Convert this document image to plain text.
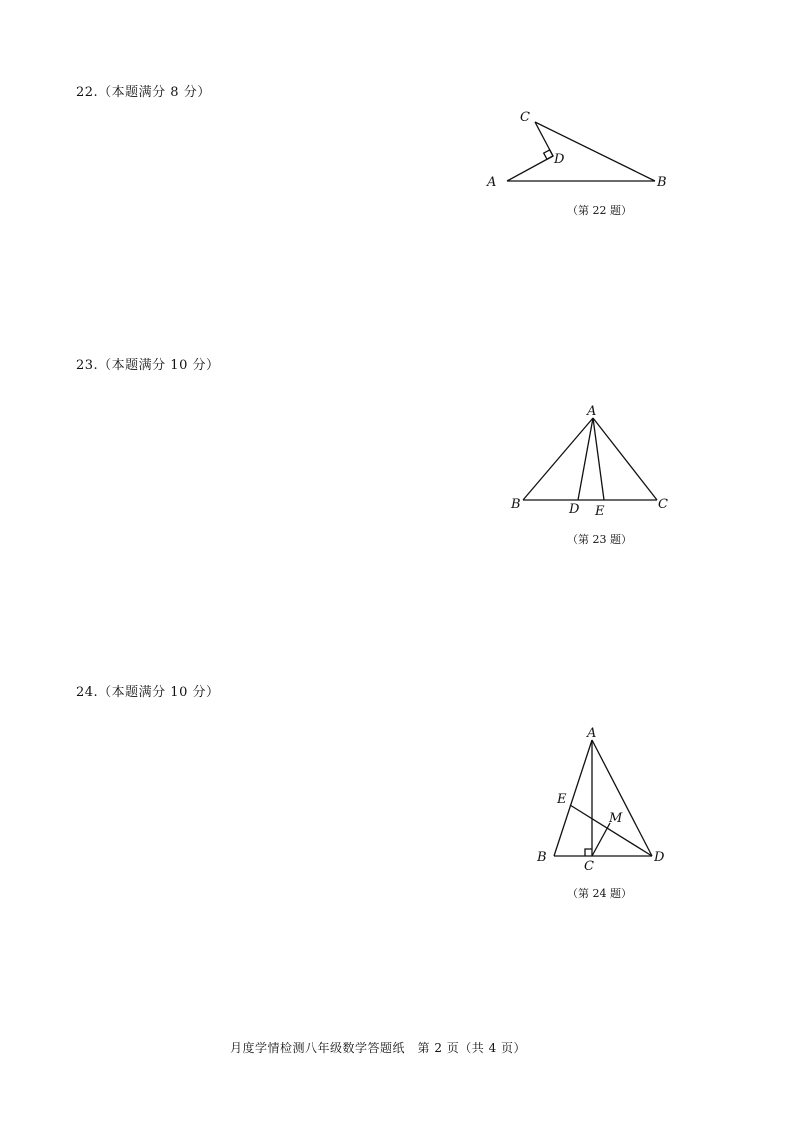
22.（本题满分 8 分）
C
D
A	B
（第 22 题）
23.（本题满分 10 分）
A
B	D E	C
（第 23 题）
24.（本题满分 10 分）
A
E
M
B
C
D
（第 24 题）
月度学情检测八年级数学答题纸　第 2 页（共 4 页）
